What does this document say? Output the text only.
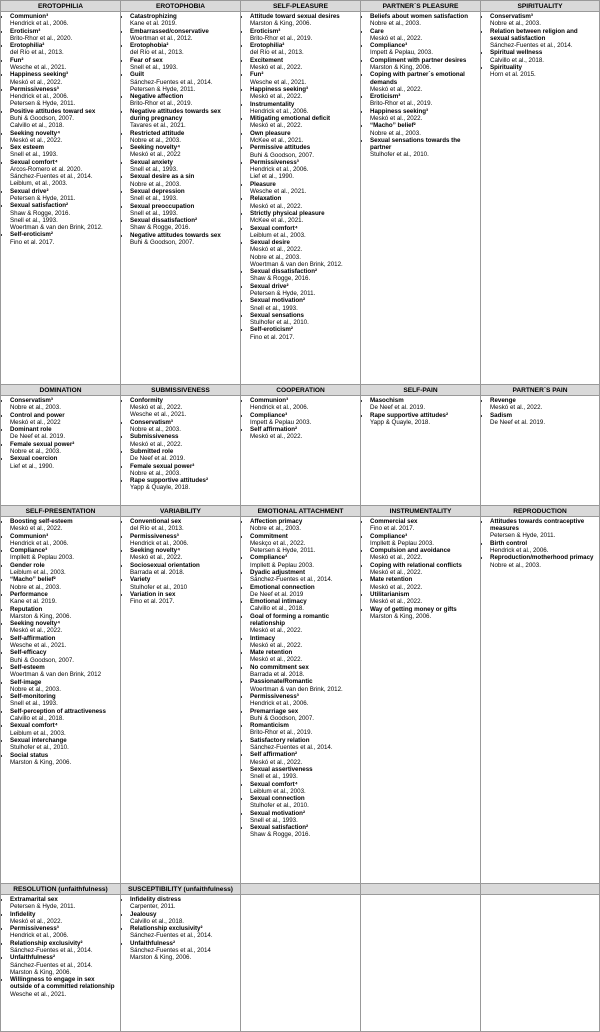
EROTOPHILIA
• Communion³
Hendrick et al., 2006.
• Eroticism³
Brito-Rhor et al., 2020.
• Erotophilia²
del Río et al., 2013.
• Fun²
Wesche et al., 2021.
• Happiness seeking³
Meskó et al., 2022.
• Permissiveness³
Hendrick et al., 2006.
Petersen & Hyde, 2011.
• Positive attitudes toward sex
Buhi & Goodson, 2007.
Calvillo et al., 2018.
• Seeking novelty⁴
Meskó et al., 2022.
• Sex esteem
Snell et al., 1993.
• Sexual comfort⁴
Arcos-Romero et al. 2020.
Sánchez-Fuentes et al., 2014.
Leiblum, et al., 2003.
• Sexual drive²
Petersen & Hyde, 2011.
• Sexual satisfaction²
Shaw & Rogge, 2016.
Snell et al., 1993.
Woertman & van den Brink, 2012.
• Self-eroticism²
Fino et al. 2017.
EROTOPHOBIA
• Catastrophizing
Kane et al. 2019.
• Embarrassed/conservative
Woertman et al., 2012.
• Erotophobia²
del Río et al., 2013.
• Fear of sex
Snell et al., 1993.
• Guilt
Sánchez-Fuentes et al., 2014.
Petersen & Hyde, 2011.
• Negative affection
Brito-Rhor et al., 2019.
• Negative attitudes towards sex during pregnancy
Tavares et al., 2021.
• Restricted attitude
Nobre et al., 2003.
• Seeking novelty⁴
Meskó et al., 2022
• Sexual anxiety
Snell et al., 1993.
• Sexual desire as a sin
Nobre et al., 2003.
• Sexual depression
Snell et al., 1993.
• Sexual preoccupation
Snell et al., 1993.
• Sexual dissatisfaction²
Shaw & Rogge, 2016.
• Negative attitudes towards sex
Buhi & Goodson, 2007.
SELF-PLEASURE
• Attitude toward sexual desires
Marston & King, 2006.
• Eroticism³
Brito-Rhor et al., 2019.
• Erotophilia²
del Río et al., 2013.
• Excitement
Meskó et al., 2022.
• Fun²
Wesche et al., 2021.
• Happiness seeking³
Meskó et al., 2022.
• Instrumentality
Hendrick et al., 2006.
• Mitigating emotional deficit
Meskó et al., 2022.
• Own pleasure
McKee et al., 2021.
• Permissive attitudes
Buhi & Goodson, 2007.
• Permissiveness³
Hendrick et al., 2006.
Lief et al., 1990.
• Pleasure
Wesche et al., 2021.
• Relaxation
Meskó et al., 2022.
• Strictly physical pleasure
McKee et al., 2021.
• Sexual comfort⁴
Leiblum et al., 2003.
• Sexual desire
Meskó et al., 2022.
Nobre et al., 2003.
Woertman & van den Brink, 2012.
• Sexual dissatisfaction²
Shaw & Rogge, 2016.
• Sexual drive²
Petersen & Hyde, 2011.
• Sexual motivation²
Snell et al., 1993.
• Sexual sensations
Stulhofer et al., 2010.
• Self-eroticism²
Fino et al. 2017.
PARTNER´S PLEASURE
• Beliefs about women satisfaction
Nobre et al., 2003.
• Care
Meskó et al., 2022.
• Compliance³
Impett & Peplau, 2003.
• Compliment with partner desires
Marston & King, 2006.
• Coping with partner´s emotional demands
Meskó et al., 2022.
• Eroticism³
Brito-Rhor et al., 2019.
• Happiness seeking³
Meskó et al., 2022.
• “Macho” belief²
Nobre et al., 2003.
• Sexual sensations towards the partner
Stulhofer et al., 2010.
SPIRITUALITY
• Conservatism³
Nobre et al., 2003.
• Relation between religion and sexual satisfaction
Sánchez-Fuentes et al., 2014.
• Spiritual wellness
Calvillo et al., 2018.
• Spirituality
Horn et al. 2015.
DOMINATION
• Conservatism³
Nobre et al., 2003.
• Control and power
Meskó et al., 2022
• Dominant role
De Neef et al. 2019.
• Female sexual power²
Nobre et al., 2003.
• Sexual coercion
Lief et al., 1990.
SUBMISSIVENESS
• Conformity
Meskó et al., 2022.
Wesche et al., 2021.
• Conservatism³
Nobre et al., 2003.
• Submissiveness
Meskó et al., 2022.
• Submitted role
De Neef et al. 2019.
• Female sexual power²
Nobre et al., 2003.
• Rape supportive attitudes²
Yapp & Quayle, 2018.
COOPERATION
• Communion³
Hendrick et al., 2006.
• Compliance³
Impett & Peplau 2003.
• Self affirmation²
Meskó et al., 2022.
SELF-PAIN
• Masochism
De Neef et al. 2019.
• Rape supportive attitudes²
Yapp & Quayle, 2018.
PARTNER´S PAIN
• Revenge
Meskó et al., 2022.
• Sadism
De Neef et al. 2019.
SELF-PRESENTATION
• Boosting self-esteem
Meskó et al., 2022.
• Communion³
Hendrick et al., 2006.
• Compliance³
Impllett & Peplau 2003.
• Gender role
Leiblum et al., 2003.
• “Macho” belief²
Nobre et al., 2003.
• Performance
Kane et al. 2019.
• Reputation
Marston & King, 2006.
• Seeking novelty⁴
Meskó et al., 2022.
• Self-affirmation
Wesche et al., 2021.
• Self-efficacy
Buhi & Goodson, 2007.
• Self-esteem
Woertman & van den Brink, 2012
• Self-image
Nobre et al., 2003.
• Self-monitoring
Snell et al., 1993.
• Self-perception of attractiveness
Calvillo et al., 2018.
• Sexual comfort⁴
Leiblum et al., 2003.
• Sexual interchange
Stulhofer et al., 2010.
• Social status
Marston & King, 2006.
VARIABILITY
• Conventional sex
del Río et al., 2013.
• Permissiveness³
Hendrick et al., 2006.
• Seeking novelty⁴
Meskó et al., 2022.
• Sociosexual orientation
Barrada et al. 2018.
• Variety
Stulhofer et al., 2010
• Variation in sex
Fino et al. 2017.
EMOTIONAL ATTACHMENT
• Affection primacy
Nobre et al., 2003.
• Commitment
Meskço et al., 2022.
Petersen & Hyde, 2011.
• Compliance³
Impllett & Peplau 2003.
• Dyadic adjustment
Sánchez-Fuentes et al., 2014.
• Emotional connection
De Neef et al. 2019
• Emotional intimacy
Calvillo et al., 2018.
• Goal of forming a romantic relationship
Meskó et al., 2022.
• Intimacy
Meskó et al., 2022.
• Mate retention
Meskó et al., 2022.
• No commitment sex
Barrada et al. 2018.
• Passionate/Romantic
Woertman & van den Brink, 2012.
• Permissiveness³
Hendrick et al., 2006.
• Premarriage sex
Buhi & Goodson, 2007.
• Romanticism
Brito-Rhor et al., 2019.
• Satisfactory relation
Sánchez-Fuentes et al., 2014.
• Self affirmation²
Meskó et al., 2022.
• Sexual assertiveness
Snell et al., 1993.
• Sexual comfort⁴
Leiblum et al., 2003.
• Sexual connection
Stulhofer et al., 2010.
• Sexual motivation²
Snell et al., 1993.
• Sexual satisfaction²
Shaw & Rogge, 2016.
INSTRUMENTALITY
• Commercial sex
Fino et al. 2017.
• Compliance³
Impllett & Peplau 2003.
• Compulsion and avoidance
Meskó et al., 2022.
• Coping with relational conflicts
Meskó et al., 2022.
• Mate retention
Meskó et al., 2022.
• Utilitarianism
Meskó et al., 2022.
• Way of getting money or gifts
Marston & King, 2006.
REPRODUCTION
• Attitudes towards contraceptive measures
Petersen & Hyde, 2011.
• Birth control
Hendrick et al., 2006.
• Reproduction/motherhood primacy
Nobre et al., 2003.
RESOLUTION (unfaithfulness)
• Extramarital sex
Petersen & Hyde, 2011.
• Infidelity
Meskó et al., 2022.
• Permissiveness³
Hendrick et al., 2006.
• Relationship exclusivity²
Sánchez-Fuentes et al., 2014.
• Unfaithfulness²
Sánchez-Fuentes et al., 2014.
Marston & King, 2006.
• Willingness to engage in sex outside of a committed relationship
Wesche et al., 2021.
SUSCEPTIBILITY (unfaithfulness)
• Infidelity distress
Carpenter, 2011.
• Jealousy
Calvillo et al., 2018.
• Relationship exclusivity²
Sánchez-Fuentes et al., 2014.
• Unfaithfulness²
Sánchez-Fuentes et al., 2014
Marston & King, 2006.
